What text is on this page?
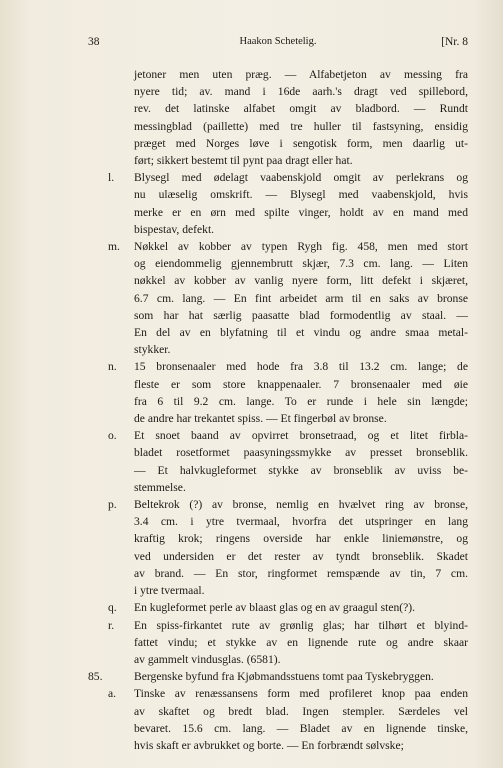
38	Haakon Schetelig.	[Nr. 8
jetoner men uten præg. — Alfabetjeton av messing fra
nyere tid; av. mand i 16de aarh.'s dragt ved spillebord,
rev. det latinske alfabet omgit av bladbord. — Rundt
messingblad (paillette) med tre huller til fastsyning, ensidig
præget med Norges løve i sengotisk form, men daarlig ut-
ført; sikkert bestemt til pynt paa dragt eller hat.
l. Blysegl med ødelagt vaabenskjold omgit av perlekrans og
nu ulæselig omskrift. — Blysegl med vaabenskjold, hvis
merke er en ørn med spilte vinger, holdt av en mand med
bispestav, defekt.
m. Nøkkel av kobber av typen Rygh fig. 458, men med stort
og eiendommelig gjennembrutt skjær, 7.3 cm. lang. — Liten
nøkkel av kobber av vanlig nyere form, litt defekt i skjæret,
6.7 cm. lang. — En fint arbeidet arm til en saks av bronse
som har hat særlig paasatte blad formodentlig av staal. —
En del av en blyfatning til et vindu og andre smaa metal-
stykker.
n. 15 bronsenaaler med hode fra 3.8 til 13.2 cm. lange; de
fleste er som store knappenaaler. 7 bronsenaaler med øie
fra 6 til 9.2 cm. lange. To er runde i hele sin længde;
de andre har trekantet spiss. — Et fingerbøl av bronse.
o. Et snoet baand av opvirret bronsetraad, og et litet firbla-
bladet rosetformet paasyningssmykke av presset bronseblik.
— Et halvkugleformet stykke av bronseblik av uviss be-
stemmelse.
p. Beltekrok (?) av bronse, nemlig en hvælvet ring av bronse,
3.4 cm. i ytre tvermaal, hvorfra det utspringer en lang
kraftig krok; ringens overside har enkle liniemønstre, og
ved undersiden er det rester av tyndt bronseblik. Skadet
av brand. — En stor, ringformet remspænde av tin, 7 cm.
i ytre tvermaal.
q. En kugleformet perle av blaast glas og en av graagul sten(?).
r. En spiss-firkantet rute av grønlig glas; har tilhørt et blyind-
fattet vindu; et stykke av en lignende rute og andre skaar
av gammelt vindusglas. (6581).
85.	Bergenske byfund fra Kjøbmandsstuens tomt paa Tyskebryggen.
a. Tinske av renæssansens form med profileret knop paa enden
av skaftet og bredt blad. Ingen stempler. Særdeles vel
bevaret. 15.6 cm. lang. — Bladet av en lignende tinske,
hvis skaft er avbrukket og borte. — En forbrændt sølvske;
